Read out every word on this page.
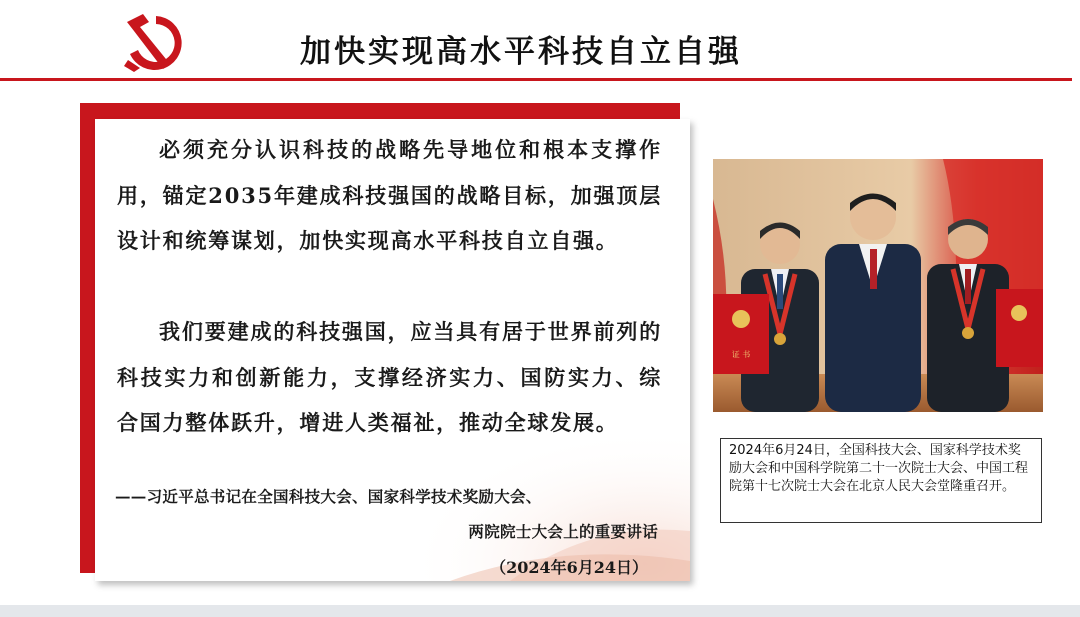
加快实现高水平科技自立自强
必须充分认识科技的战略先导地位和根本支撑作用，锚定2035年建成科技强国的战略目标，加强顶层设计和统筹谋划，加快实现高水平科技自立自强。
我们要建成的科技强国，应当具有居于世界前列的科技实力和创新能力，支撑经济实力、国防实力、综合国力整体跃升，增进人类福祉，推动全球发展。
——习近平总书记在全国科技大会、国家科学技术奖励大会、
两院院士大会上的重要讲话
（2024年6月24日）
证 书
2024年6月24日，全国科技大会、国家科学技术奖励大会和中国科学院第二十一次院士大会、中国工程院第十七次院士大会在北京人民大会堂隆重召开。
